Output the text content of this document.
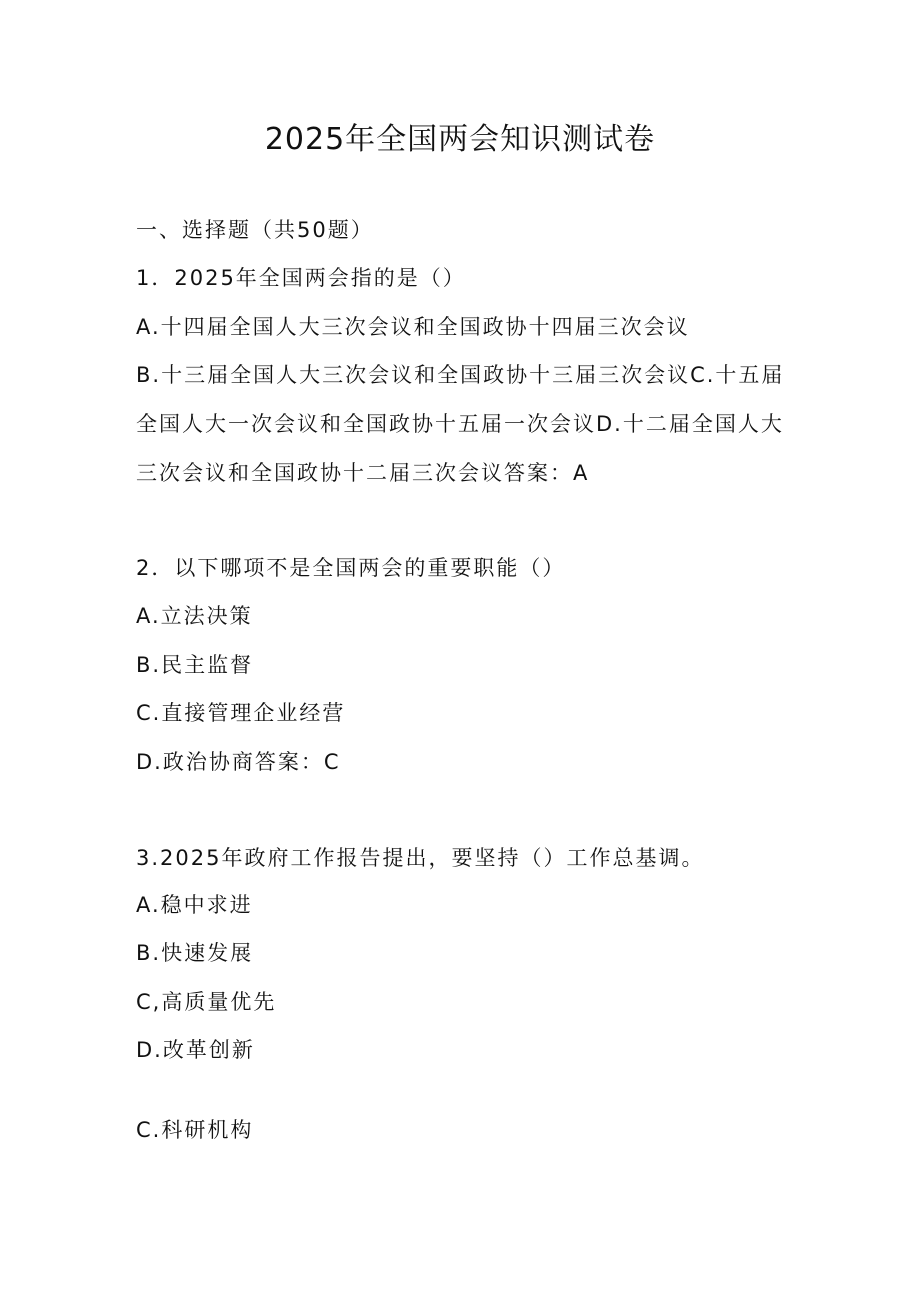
2025年全国两会知识测试卷
一、选择题（共50题）
1．2025年全国两会指的是（）
A.十四届全国人大三次会议和全国政协十四届三次会议
B.十三届全国人大三次会议和全国政协十三届三次会议C.十五届全国人大一次会议和全国政协十五届一次会议D.十二届全国人大三次会议和全国政协十二届三次会议答案：A
2．以下哪项不是全国两会的重要职能（）
A.立法决策
B.民主监督
C.直接管理企业经营
D.政治协商答案：C
3.2025年政府工作报告提出，要坚持（）工作总基调。
A.稳中求进
B.快速发展
C,高质量优先
D.改革创新
C.科研机构
